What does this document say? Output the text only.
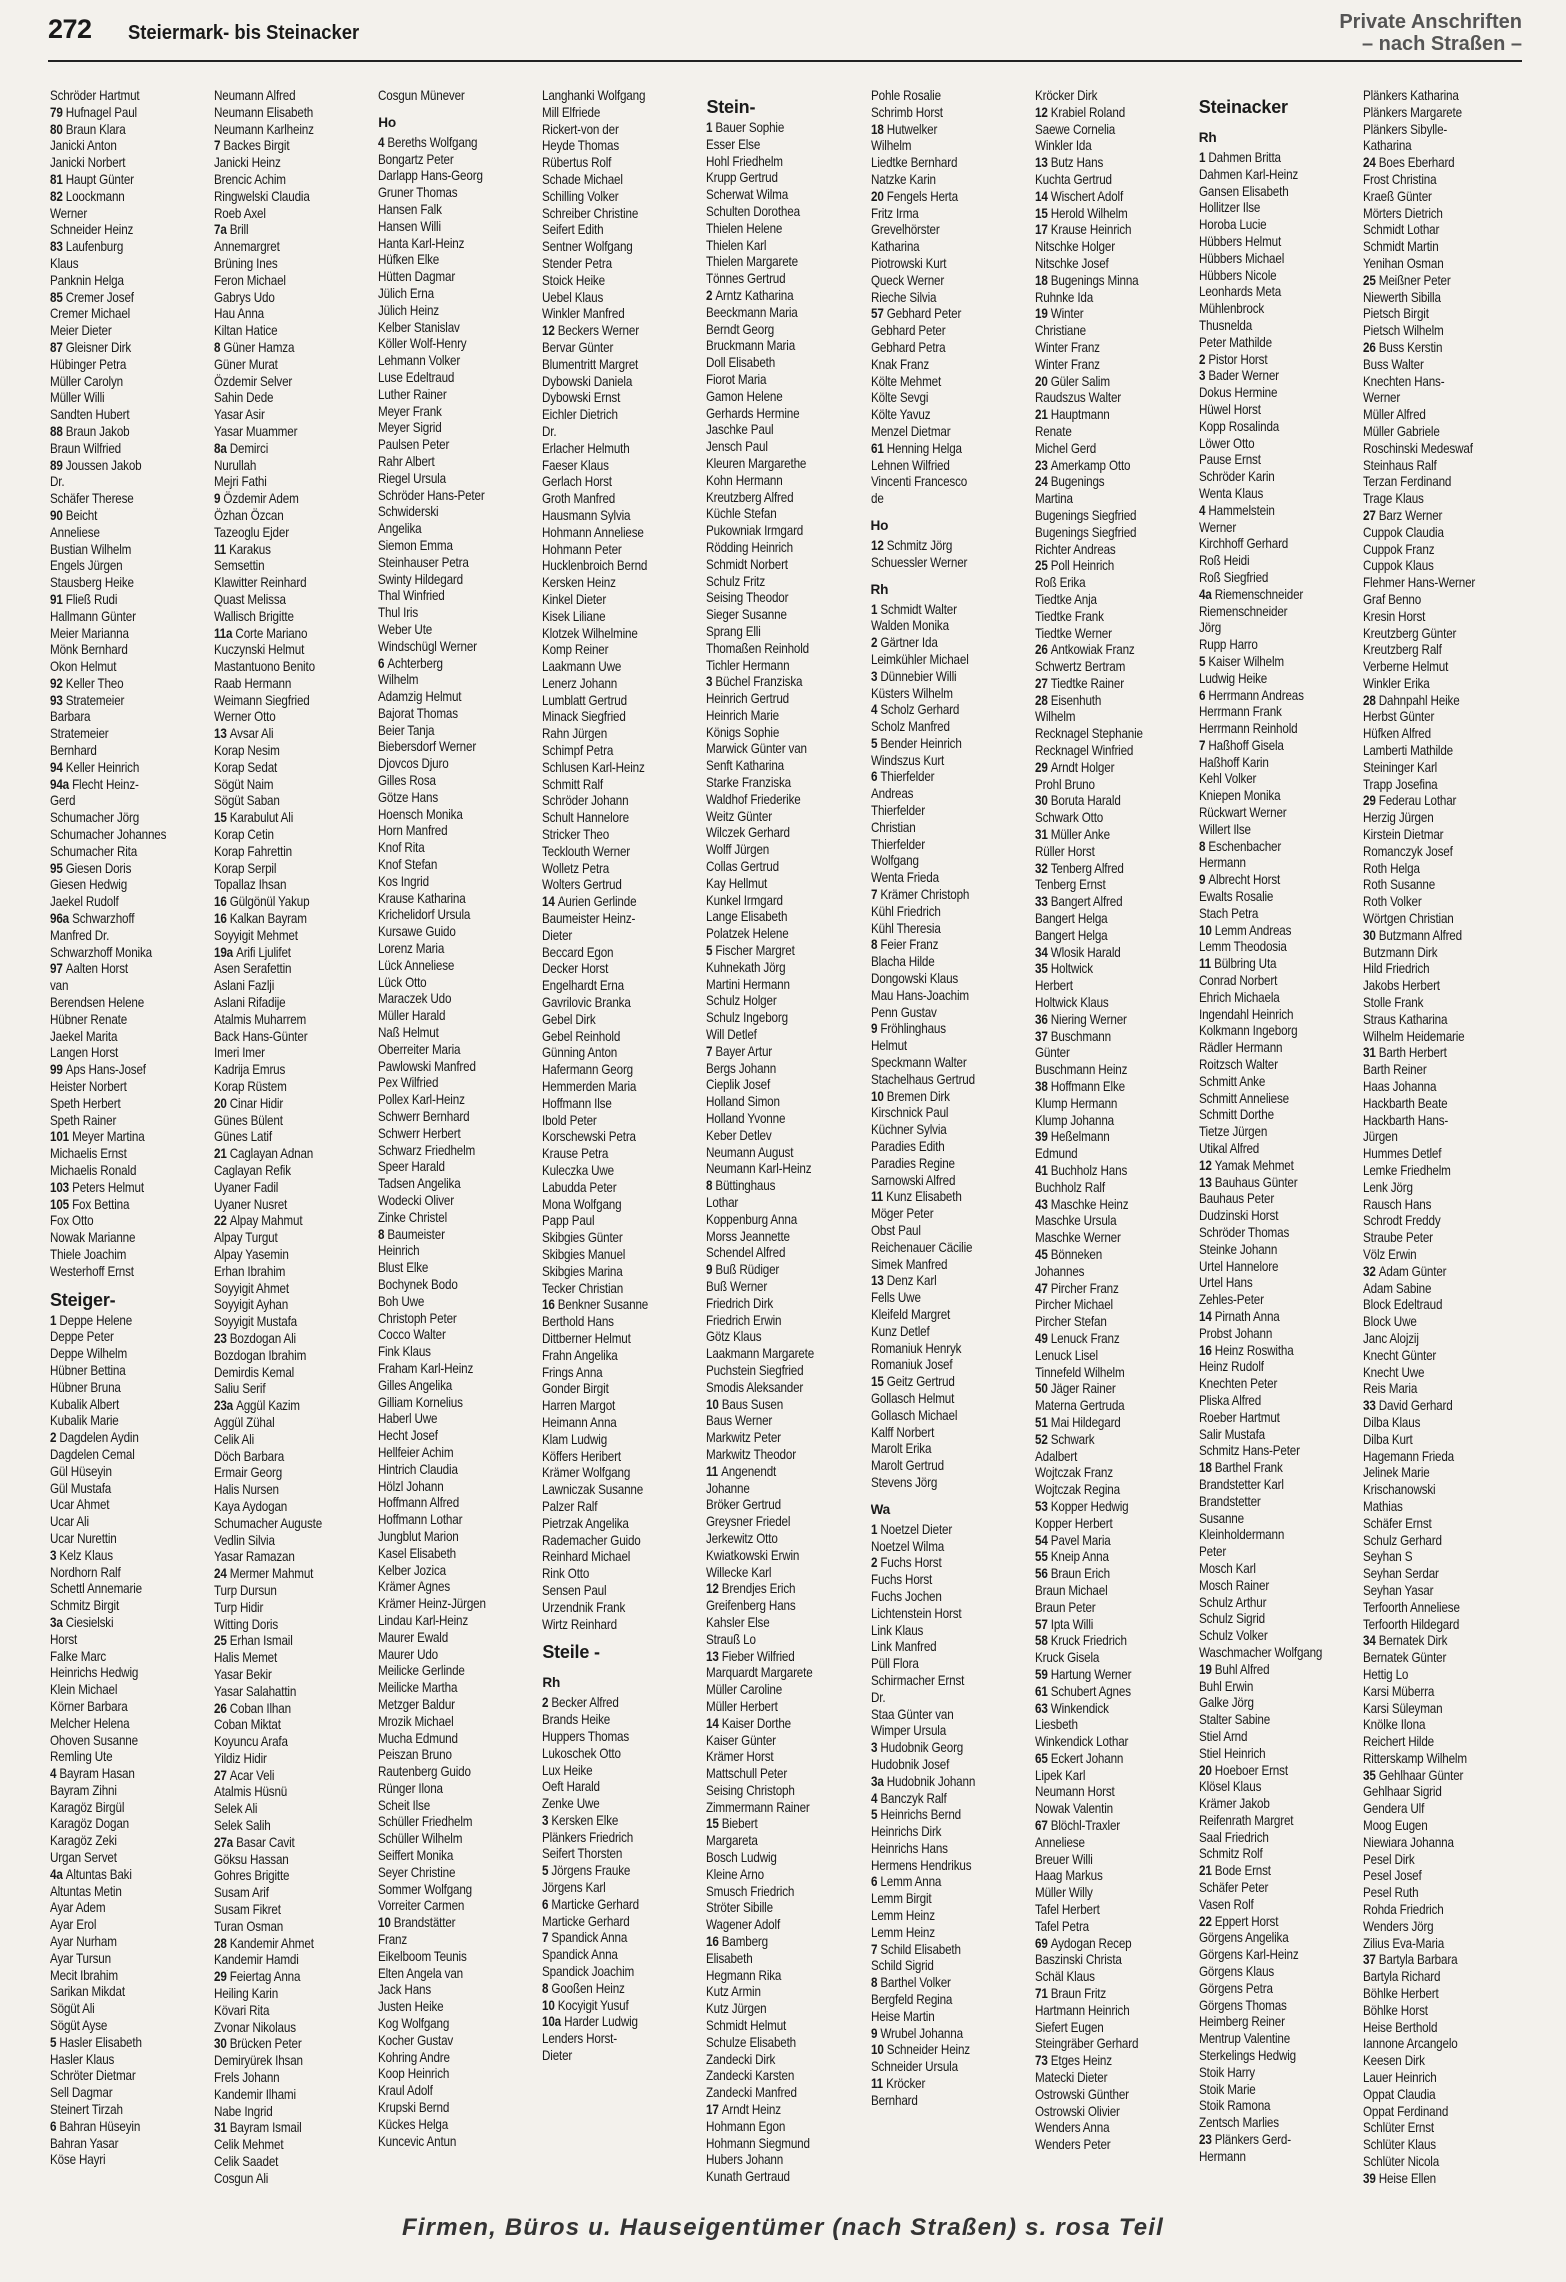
272 Steiermark- bis Steinacker	Private Anschriften
– nach Straßen –
Schröder Hartmut
79 Hufnagel Paul
80 Braun Klara
Janicki Anton
Janicki Norbert
81 Haupt Günter
82 Loockmann
Werner
Schneider Heinz
83 Laufenburg
Klaus
Panknin Helga
85 Cremer Josef
Cremer Michael
Meier Dieter
87 Gleisner Dirk
Hübinger Petra
Müller Carolyn
Müller Willi
Sandten Hubert
88 Braun Jakob
Braun Wilfried
89 Joussen Jakob
Dr.
Schäfer Therese
90 Beicht
Anneliese
Bustian Wilhelm
Engels Jürgen
Stausberg Heike
91 Fließ Rudi
Hallmann Günter
Meier Marianna
Mönk Bernhard
Okon Helmut
92 Keller Theo
93 Stratemeier
Barbara
Stratemeier
Bernhard
94 Keller Heinrich
94a Flecht Heinz-
Gerd
Schumacher Jörg
Schumacher Johannes
Schumacher Rita
95 Giesen Doris
Giesen Hedwig
Jaekel Rudolf
96a Schwarzhoff
Manfred Dr.
Schwarzhoff Monika
97 Aalten Horst
van
Berendsen Helene
Hübner Renate
Jaekel Marita
Langen Horst
99 Aps Hans-Josef
Heister Norbert
Speth Herbert
Speth Rainer
101 Meyer Martina
Michaelis Ernst
Michaelis Ronald
103 Peters Helmut
105 Fox Bettina
Fox Otto
Nowak Marianne
Thiele Joachim
Westerhoff Ernst
Steiger-
1 Deppe Helene
Deppe Peter
Deppe Wilhelm
Hübner Bettina
Hübner Bruna
Kubalik Albert
Kubalik Marie
2 Dagdelen Aydin
Dagdelen Cemal
Gül Hüseyin
Gül Mustafa
Ucar Ahmet
Ucar Ali
Ucar Nurettin
3 Kelz Klaus
Nordhorn Ralf
Schettl Annemarie
Schmitz Birgit
3a Ciesielski
Horst
Falke Marc
Heinrichs Hedwig
Klein Michael
Körner Barbara
Melcher Helena
Ohoven Susanne
Remling Ute
4 Bayram Hasan
Bayram Zihni
Karagöz Birgül
Karagöz Dogan
Karagöz Zeki
Urgan Servet
4a Altuntas Baki
Altuntas Metin
Ayar Adem
Ayar Erol
Ayar Nurham
Ayar Tursun
Mecit Ibrahim
Sarikan Mikdat
Sögüt Ali
Sögüt Ayse
5 Hasler Elisabeth
Hasler Klaus
Schröter Dietmar
Sell Dagmar
Steinert Tirzah
6 Bahran Hüseyin
Bahran Yasar
Köse Hayri
Neumann Alfred
Neumann Elisabeth
Neumann Karlheinz
7 Backes Birgit
Janicki Heinz
Brencic Achim
Ringwelski Claudia
Roeb Axel
7a Brill
Annemargret
Brüning Ines
Feron Michael
Gabrys Udo
Hau Anna
Kiltan Hatice
8 Güner Hamza
Güner Murat
Özdemir Selver
Sahin Dede
Yasar Asir
Yasar Muammer
8a Demirci
Nurullah
Mejri Fathi
9 Özdemir Adem
Özhan Özcan
Tazeoglu Ejder
11 Karakus
Semsettin
Klawitter Reinhard
Quast Melissa
Wallisch Brigitte
11a Corte Mariano
Kuczynski Helmut
Mastantuono Benito
Raab Hermann
Weimann Siegfried
Werner Otto
13 Avsar Ali
Korap Nesim
Korap Sedat
Sögüt Naim
Sögüt Saban
15 Karabulut Ali
Korap Cetin
Korap Fahrettin
Korap Serpil
Topallaz Ihsan
16 Gülgönül Yakup
16 Kalkan Bayram
Soyyigit Mehmet
19a Arifi Ljulifet
Asen Serafettin
Aslani Fazlji
Aslani Rifadije
Atalmis Muharrem
Back Hans-Günter
Imeri Imer
Kadrija Emrus
Korap Rüstem
20 Cinar Hidir
Günes Bülent
Günes Latif
21 Caglayan Adnan
Caglayan Refik
Uyaner Fadil
Uyaner Nusret
22 Alpay Mahmut
Alpay Turgut
Alpay Yasemin
Erhan Ibrahim
Soyyigit Ahmet
Soyyigit Ayhan
Soyyigit Mustafa
23 Bozdogan Ali
Bozdogan Ibrahim
Demirdis Kemal
Saliu Serif
23a Aggül Kazim
Aggül Zühal
Celik Ali
Döch Barbara
Ermair Georg
Halis Nursen
Kaya Aydogan
Schumacher Auguste
Vedlin Silvia
Yasar Ramazan
24 Mermer Mahmut
Turp Dursun
Turp Hidir
Witting Doris
25 Erhan Ismail
Halis Memet
Yasar Bekir
Yasar Salahattin
26 Coban Ilhan
Coban Miktat
Koyuncu Arafa
Yildiz Hidir
27 Acar Veli
Atalmis Hüsnü
Selek Ali
Selek Salih
27a Basar Cavit
Göksu Hassan
Gohres Brigitte
Susam Arif
Susam Fikret
Turan Osman
28 Kandemir Ahmet
Kandemir Hamdi
29 Feiertag Anna
Heiling Karin
Kövari Rita
Zvonar Nikolaus
30 Brücken Peter
Demiryürek Ihsan
Frels Johann
Kandemir Ilhami
Nabe Ingrid
31 Bayram Ismail
Celik Mehmet
Celik Saadet
Cosgun Ali
Cosgun Münever
Ho
4 Bereths Wolfgang
Bongartz Peter
Darlapp Hans-Georg
Gruner Thomas
Hansen Falk
Hansen Willi
Hanta Karl-Heinz
Hüfken Elke
Hütten Dagmar
Jülich Erna
Jülich Heinz
Kelber Stanislav
Köller Wolf-Henry
Lehmann Volker
Luse Edeltraud
Luther Rainer
Meyer Frank
Meyer Sigrid
Paulsen Peter
Rahr Albert
Riegel Ursula
Schröder Hans-Peter
Schwiderski
Angelika
Siemon Emma
Steinhauser Petra
Swinty Hildegard
Thal Winfried
Thul Iris
Weber Ute
Windschügl Werner
6 Achterberg
Wilhelm
Adamzig Helmut
Bajorat Thomas
Beier Tanja
Biebersdorf Werner
Djovcos Djuro
Gilles Rosa
Götze Hans
Hoensch Monika
Horn Manfred
Knof Rita
Knof Stefan
Kos Ingrid
Krause Katharina
Krichelidorf Ursula
Kursawe Guido
Lorenz Maria
Lück Anneliese
Lück Otto
Maraczek Udo
Müller Harald
Naß Helmut
Oberreiter Maria
Pawlowski Manfred
Pex Wilfried
Pollex Karl-Heinz
Schwerr Bernhard
Schwerr Herbert
Schwarz Friedhelm
Speer Harald
Tadsen Angelika
Wodecki Oliver
Zinke Christel
8 Baumeister
Heinrich
Blust Elke
Bochynek Bodo
Boh Uwe
Christoph Peter
Cocco Walter
Fink Klaus
Fraham Karl-Heinz
Gilles Angelika
Gilliam Kornelius
Haberl Uwe
Hecht Josef
Hellfeier Achim
Hintrich Claudia
Hölzl Johann
Hoffmann Alfred
Hoffmann Lothar
Jungblut Marion
Kasel Elisabeth
Kelber Jozica
Krämer Agnes
Krämer Heinz-Jürgen
Lindau Karl-Heinz
Maurer Ewald
Maurer Udo
Meilicke Gerlinde
Meilicke Martha
Metzger Baldur
Mrozik Michael
Mucha Edmund
Peiszan Bruno
Rautenberg Guido
Rünger Ilona
Scheit Ilse
Schüller Friedhelm
Schüller Wilhelm
Seiffert Monika
Seyer Christine
Sommer Wolfgang
Vorreiter Carmen
10 Brandstätter
Franz
Eikelboom Teunis
Elten Angela van
Jack Hans
Justen Heike
Kog Wolfgang
Kocher Gustav
Kohring Andre
Koop Heinrich
Kraul Adolf
Krupski Bernd
Kückes Helga
Kuncevic Antun
Langhanki Wolfgang
Mill Elfriede
Rickert-von der
Heyde Thomas
Rübertus Rolf
Schade Michael
Schilling Volker
Schreiber Christine
Seifert Edith
Sentner Wolfgang
Stender Petra
Stoick Heike
Uebel Klaus
Winkler Manfred
12 Beckers Werner
Bervar Günter
Blumentritt Margret
Dybowski Daniela
Dybowski Ernst
Eichler Dietrich
Dr.
Erlacher Helmuth
Faeser Klaus
Gerlach Horst
Groth Manfred
Hausmann Sylvia
Hohmann Anneliese
Hohmann Peter
Hucklenbroich Bernd
Kersken Heinz
Kinkel Dieter
Kisek Liliane
Klotzek Wilhelmine
Komp Reiner
Laakmann Uwe
Lenerz Johann
Lumblatt Gertrud
Minack Siegfried
Rahn Jürgen
Schimpf Petra
Schlusen Karl-Heinz
Schmitt Ralf
Schröder Johann
Schult Hannelore
Stricker Theo
Tecklouth Werner
Wolletz Petra
Wolters Gertrud
14 Aurien Gerlinde
Baumeister Heinz-
Dieter
Beccard Egon
Decker Horst
Engelhardt Erna
Gavrilovic Branka
Gebel Dirk
Gebel Reinhold
Günning Anton
Hafermann Georg
Hemmerden Maria
Hoffmann Ilse
Ibold Peter
Korschewski Petra
Krause Petra
Kuleczka Uwe
Labudda Peter
Mona Wolfgang
Papp Paul
Skibgies Günter
Skibgies Manuel
Skibgies Marina
Tecker Christian
16 Benkner Susanne
Berthold Hans
Dittberner Helmut
Frahn Angelika
Frings Anna
Gonder Birgit
Harren Margot
Heimann Anna
Klam Ludwig
Köffers Heribert
Krämer Wolfgang
Lawniczak Susanne
Palzer Ralf
Pietrzak Angelika
Rademacher Guido
Reinhard Michael
Rink Otto
Sensen Paul
Urzendnik Frank
Wirtz Reinhard
Steile -
Rh
2 Becker Alfred
Brands Heike
Huppers Thomas
Lukoschek Otto
Lux Heike
Oeft Harald
Zenke Uwe
3 Kersken Elke
Plänkers Friedrich
Seifert Thorsten
5 Jörgens Frauke
Jörgens Karl
6 Marticke Gerhard
Marticke Gerhard
7 Spandick Anna
Spandick Anna
Spandick Joachim
8 Gooßen Heinz
10 Kocyigit Yusuf
10a Harder Ludwig
Lenders Horst-
Dieter
Stein-
1 Bauer Sophie
Esser Else
Hohl Friedhelm
Krupp Gertrud
Scherwat Wilma
Schulten Dorothea
Thielen Helene
Thielen Karl
Thielen Margarete
Tönnes Gertrud
2 Arntz Katharina
Beeckmann Maria
Berndt Georg
Bruckmann Maria
Doll Elisabeth
Fiorot Maria
Gamon Helene
Gerhards Hermine
Jaschke Paul
Jensch Paul
Kleuren Margarethe
Kohn Hermann
Kreutzberg Alfred
Küchle Stefan
Pukowniak Irmgard
Rödding Heinrich
Schmidt Norbert
Schulz Fritz
Seising Theodor
Sieger Susanne
Sprang Elli
Thomaßen Reinhold
Tichler Hermann
3 Büchel Franziska
Heinrich Gertrud
Heinrich Marie
Königs Sophie
Marwick Günter van
Senft Katharina
Starke Franziska
Waldhof Friederike
Weitz Günter
Wilczek Gerhard
Wolff Jürgen
Collas Gertrud
Kay Hellmut
Kunkel Irmgard
Lange Elisabeth
Polatzek Helene
5 Fischer Margret
Kuhnekath Jörg
Martini Hermann
Schulz Holger
Schulz Ingeborg
Will Detlef
7 Bayer Artur
Bergs Johann
Cieplik Josef
Holland Simon
Holland Yvonne
Keber Detlev
Neumann August
Neumann Karl-Heinz
8 Büttinghaus
Lothar
Koppenburg Anna
Morss Jeannette
Schendel Alfred
9 Buß Rüdiger
Buß Werner
Friedrich Dirk
Friedrich Erwin
Götz Klaus
Laakmann Margarete
Puchstein Siegfried
Smodis Aleksander
10 Baus Susen
Baus Werner
Markwitz Peter
Markwitz Theodor
11 Angenendt
Johanne
Bröker Gertrud
Greysner Friedel
Jerkewitz Otto
Kwiatkowski Erwin
Willecke Karl
12 Brendjes Erich
Greifenberg Hans
Kahsler Else
Strauß Lo
13 Fieber Wilfried
Marquardt Margarete
Müller Caroline
Müller Herbert
14 Kaiser Dorthe
Kaiser Günter
Krämer Horst
Mattschull Peter
Seising Christoph
Zimmermann Rainer
15 Biebert
Margareta
Bosch Ludwig
Kleine Arno
Smusch Friedrich
Ströter Sibille
Wagener Adolf
16 Bamberg
Elisabeth
Hegmann Rika
Kutz Armin
Kutz Jürgen
Schmidt Helmut
Schulze Elisabeth
Zandecki Dirk
Zandecki Karsten
Zandecki Manfred
17 Arndt Heinz
Hohmann Egon
Hohmann Siegmund
Hubers Johann
Kunath Gertraud
Pohle Rosalie
Schrimb Horst
18 Hutwelker
Wilhelm
Liedtke Bernhard
Natzke Karin
20 Fengels Herta
Fritz Irma
Grevelhörster
Katharina
Piotrowski Kurt
Queck Werner
Rieche Silvia
57 Gebhard Peter
Gebhard Peter
Gebhard Petra
Knak Franz
Költe Mehmet
Költe Sevgi
Költe Yavuz
Menzel Dietmar
61 Henning Helga
Lehnen Wilfried
Vincenti Francesco
de
Ho
12 Schmitz Jörg
Schuessler Werner
Rh
1 Schmidt Walter
Walden Monika
2 Gärtner Ida
Leimkühler Michael
3 Dünnebier Willi
Küsters Wilhelm
4 Scholz Gerhard
Scholz Manfred
5 Bender Heinrich
Windszus Kurt
6 Thierfelder
Andreas
Thierfelder
Christian
Thierfelder
Wolfgang
Wenta Frieda
7 Krämer Christoph
Kühl Friedrich
Kühl Theresia
8 Feier Franz
Blacha Hilde
Dongowski Klaus
Mau Hans-Joachim
Penn Gustav
9 Fröhlinghaus
Helmut
Speckmann Walter
Stachelhaus Gertrud
10 Bremen Dirk
Kirschnick Paul
Küchner Sylvia
Paradies Edith
Paradies Regine
Sarnowski Alfred
11 Kunz Elisabeth
Möger Peter
Obst Paul
Reichenauer Cäcilie
Simek Manfred
13 Denz Karl
Fells Uwe
Kleifeld Margret
Kunz Detlef
Romaniuk Henryk
Romaniuk Josef
15 Geitz Gertrud
Gollasch Helmut
Gollasch Michael
Kalff Norbert
Marolt Erika
Marolt Gertrud
Stevens Jörg
Wa
1 Noetzel Dieter
Noetzel Wilma
2 Fuchs Horst
Fuchs Horst
Fuchs Jochen
Lichtenstein Horst
Link Klaus
Link Manfred
Püll Flora
Schirmacher Ernst
Dr.
Staa Günter van
Wimper Ursula
3 Hudobnik Georg
Hudobnik Josef
3a Hudobnik Johann
4 Banczyk Ralf
5 Heinrichs Bernd
Heinrichs Dirk
Heinrichs Hans
Hermens Hendrikus
6 Lemm Anna
Lemm Birgit
Lemm Heinz
Lemm Heinz
7 Schild Elisabeth
Schild Sigrid
8 Barthel Volker
Bergfeld Regina
Heise Martin
9 Wrubel Johanna
10 Schneider Heinz
Schneider Ursula
11 Kröcker
Bernhard
Kröcker Dirk
12 Krabiel Roland
Saewe Cornelia
Winkler Ida
13 Butz Hans
Kuchta Gertrud
14 Wischert Adolf
15 Herold Wilhelm
17 Krause Heinrich
Nitschke Holger
Nitschke Josef
18 Bugenings Minna
Ruhnke Ida
19 Winter
Christiane
Winter Franz
Winter Franz
20 Güler Salim
Raudszus Walter
21 Hauptmann
Renate
Michel Gerd
23 Amerkamp Otto
24 Bugenings
Martina
Bugenings Siegfried
Bugenings Siegfried
Richter Andreas
25 Poll Heinrich
Roß Erika
Tiedtke Anja
Tiedtke Frank
Tiedtke Werner
26 Antkowiak Franz
Schwertz Bertram
27 Tiedtke Rainer
28 Eisenhuth
Wilhelm
Recknagel Stephanie
Recknagel Winfried
29 Arndt Holger
Prohl Bruno
30 Boruta Harald
Schwark Otto
31 Müller Anke
Rüller Horst
32 Tenberg Alfred
Tenberg Ernst
33 Bangert Alfred
Bangert Helga
Bangert Helga
34 Wlosik Harald
35 Holtwick
Herbert
Holtwick Klaus
36 Niering Werner
37 Buschmann
Günter
Buschmann Heinz
38 Hoffmann Elke
Klump Hermann
Klump Johanna
39 Heßelmann
Edmund
41 Buchholz Hans
Buchholz Ralf
43 Maschke Heinz
Maschke Ursula
Maschke Werner
45 Bönneken
Johannes
47 Pircher Franz
Pircher Michael
Pircher Stefan
49 Lenuck Franz
Lenuck Lisel
Tinnefeld Wilhelm
50 Jäger Rainer
Materna Gertruda
51 Mai Hildegard
52 Schwark
Adalbert
Wojtczak Franz
Wojtczak Regina
53 Kopper Hedwig
Kopper Herbert
54 Pavel Maria
55 Kneip Anna
56 Braun Erich
Braun Michael
Braun Peter
57 Ipta Willi
58 Kruck Friedrich
Kruck Gisela
59 Hartung Werner
61 Schubert Agnes
63 Winkendick
Liesbeth
Winkendick Lothar
65 Eckert Johann
Lipek Karl
Neumann Horst
Nowak Valentin
67 Blöchl-Traxler
Anneliese
Breuer Willi
Haag Markus
Müller Willy
Tafel Herbert
Tafel Petra
69 Aydogan Recep
Baszinski Christa
Schäl Klaus
71 Braun Fritz
Hartmann Heinrich
Siefert Eugen
Steingräber Gerhard
73 Etges Heinz
Matecki Dieter
Ostrowski Günther
Ostrowski Olivier
Wenders Anna
Wenders Peter
Steinacker
Rh
1 Dahmen Britta
Dahmen Karl-Heinz
Gansen Elisabeth
Hollitzer Ilse
Horoba Lucie
Hübbers Helmut
Hübbers Michael
Hübbers Nicole
Leonhards Meta
Mühlenbrock
Thusnelda
Peter Mathilde
2 Pistor Horst
3 Bader Werner
Dokus Hermine
Hüwel Horst
Kopp Rosalinda
Löwer Otto
Pause Ernst
Schröder Karin
Wenta Klaus
4 Hammelstein
Werner
Kirchhoff Gerhard
Roß Heidi
Roß Siegfried
4a Riemenschneider
Riemenschneider
Jörg
Rupp Harro
5 Kaiser Wilhelm
Ludwig Heike
6 Herrmann Andreas
Herrmann Frank
Herrmann Reinhold
7 Haßhoff Gisela
Haßhoff Karin
Kehl Volker
Kniepen Monika
Rückwart Werner
Willert Ilse
8 Eschenbacher
Hermann
9 Albrecht Horst
Ewalts Rosalie
Stach Petra
10 Lemm Andreas
Lemm Theodosia
11 Bülbring Uta
Conrad Norbert
Ehrich Michaela
Ingendahl Heinrich
Kolkmann Ingeborg
Rädler Hermann
Roitzsch Walter
Schmitt Anke
Schmitt Anneliese
Schmitt Dorthe
Tietze Jürgen
Utikal Alfred
12 Yamak Mehmet
13 Bauhaus Günter
Bauhaus Peter
Dudzinski Horst
Schröder Thomas
Steinke Johann
Urtel Hannelore
Urtel Hans
Zehles-Peter
14 Pirnath Anna
Probst Johann
16 Heinz Roswitha
Heinz Rudolf
Knechten Peter
Pliska Alfred
Roeber Hartmut
Salir Mustafa
Schmitz Hans-Peter
18 Barthel Frank
Brandstetter Karl
Brandstetter
Susanne
Kleinholdermann
Peter
Mosch Karl
Mosch Rainer
Schulz Arthur
Schulz Sigrid
Schulz Volker
Waschmacher Wolfgang
19 Buhl Alfred
Buhl Erwin
Galke Jörg
Stalter Sabine
Stiel Arnd
Stiel Heinrich
20 Hoeboer Ernst
Klösel Klaus
Krämer Jakob
Reifenrath Margret
Saal Friedrich
Schmitz Rolf
21 Bode Ernst
Schäfer Peter
Vasen Rolf
22 Eppert Horst
Görgens Angelika
Görgens Karl-Heinz
Görgens Klaus
Görgens Petra
Görgens Thomas
Heimberg Reiner
Mentrup Valentine
Sterkelings Hedwig
Stoik Harry
Stoik Marie
Stoik Ramona
Zentsch Marlies
23 Plänkers Gerd-
Hermann
Plänkers Katharina
Plänkers Margarete
Plänkers Sibylle-
Katharina
24 Boes Eberhard
Frost Christina
Kraeß Günter
Mörters Dietrich
Schmidt Lothar
Schmidt Martin
Yenihan Osman
25 Meißner Peter
Niewerth Sibilla
Pietsch Birgit
Pietsch Wilhelm
26 Buss Kerstin
Buss Walter
Knechten Hans-
Werner
Müller Alfred
Müller Gabriele
Roschinski Medeswaf
Steinhaus Ralf
Terzan Ferdinand
Trage Klaus
27 Barz Werner
Cuppok Claudia
Cuppok Franz
Cuppok Klaus
Flehmer Hans-Werner
Graf Benno
Kresin Horst
Kreutzberg Günter
Kreutzberg Ralf
Verberne Helmut
Winkler Erika
28 Dahnpahl Heike
Herbst Günter
Hüfken Alfred
Lamberti Mathilde
Steininger Karl
Trapp Josefina
29 Federau Lothar
Herzig Jürgen
Kirstein Dietmar
Romanczyk Josef
Roth Helga
Roth Susanne
Roth Volker
Wörtgen Christian
30 Butzmann Alfred
Butzmann Dirk
Hild Friedrich
Jakobs Herbert
Stolle Frank
Straus Katharina
Wilhelm Heidemarie
31 Barth Herbert
Barth Reiner
Haas Johanna
Hackbarth Beate
Hackbarth Hans-
Jürgen
Hummes Detlef
Lemke Friedhelm
Lenk Jörg
Rausch Hans
Schrodt Freddy
Straube Peter
Völz Erwin
32 Adam Günter
Adam Sabine
Block Edeltraud
Block Uwe
Janc Alojzij
Knecht Günter
Knecht Uwe
Reis Maria
33 David Gerhard
Dilba Klaus
Dilba Kurt
Hagemann Frieda
Jelinek Marie
Krischanowski
Mathias
Schäfer Ernst
Schulz Gerhard
Seyhan S
Seyhan Serdar
Seyhan Yasar
Terfoorth Anneliese
Terfoorth Hildegard
34 Bernatek Dirk
Bernatek Günter
Hettig Lo
Karsi Müberra
Karsi Süleyman
Knölke Ilona
Reichert Hilde
Ritterskamp Wilhelm
35 Gehlhaar Günter
Gehlhaar Sigrid
Gendera Ulf
Moog Eugen
Niewiara Johanna
Pesel Dirk
Pesel Josef
Pesel Ruth
Rohda Friedrich
Wenders Jörg
Zilius Eva-Maria
37 Bartyla Barbara
Bartyla Richard
Böhlke Herbert
Böhlke Horst
Heise Berthold
Iannone Arcangelo
Keesen Dirk
Lauer Heinrich
Oppat Claudia
Oppat Ferdinand
Schlüter Ernst
Schlüter Klaus
Schlüter Nicola
39 Heise Ellen
Firmen, Büros u. Hauseigentümer (nach Straßen) s. rosa Teil
